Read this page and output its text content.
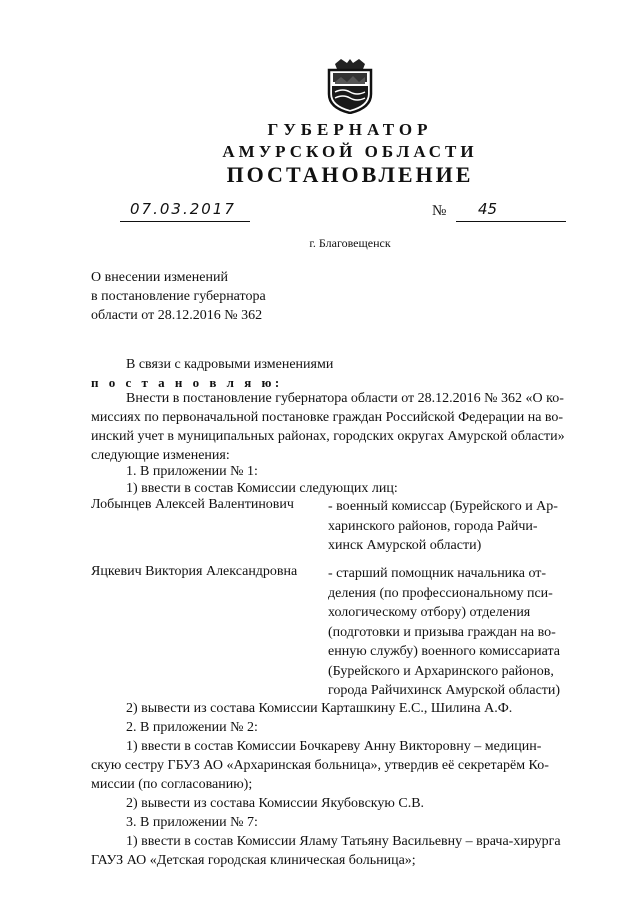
ГУБЕРНАТОР
АМУРСКОЙ ОБЛАСТИ
ПОСТАНОВЛЕНИЕ
07.03.2017	№	45
г. Благовещенск
О внесении изменений
в постановление губернатора
области от 28.12.2016 № 362
В связи с кадровыми изменениями
п о с т а н о в л я ю:
Внести в постановление губернатора области от 28.12.2016 № 362 «О ко-
миссиях по первоначальной постановке граждан Российской Федерации на во-
инский учет в муниципальных районах, городских округах Амурской области»
следующие изменения:
1. В приложении № 1:
1) ввести в состав Комиссии следующих лиц:
Лобынцев Алексей Валентинович - военный комиссар (Бурейского и Ар-
харинского районов, города Райчи-
хинск Амурской области)
Яцкевич Виктория Александровна - старший помощник начальника от-
деления (по профессиональному пси-
хологическому отбору) отделения
(подготовки и призыва граждан на во-
енную службу) военного комиссариата
(Бурейского и Архаринского районов,
города Райчихинск Амурской области)
2) вывести из состава Комиссии Карташкину Е.С., Шилина А.Ф.
2. В приложении № 2:
1) ввести в состав Комиссии Бочкареву Анну Викторовну – медицин-
скую сестру ГБУЗ АО «Архаринская больница», утвердив её секретарём Ко-
миссии (по согласованию);
2) вывести из состава Комиссии Якубовскую С.В.
3. В приложении № 7:
1) ввести в состав Комиссии Яламу Татьяну Васильевну – врача-хирурга
ГАУЗ АО «Детская городская клиническая больница»;
